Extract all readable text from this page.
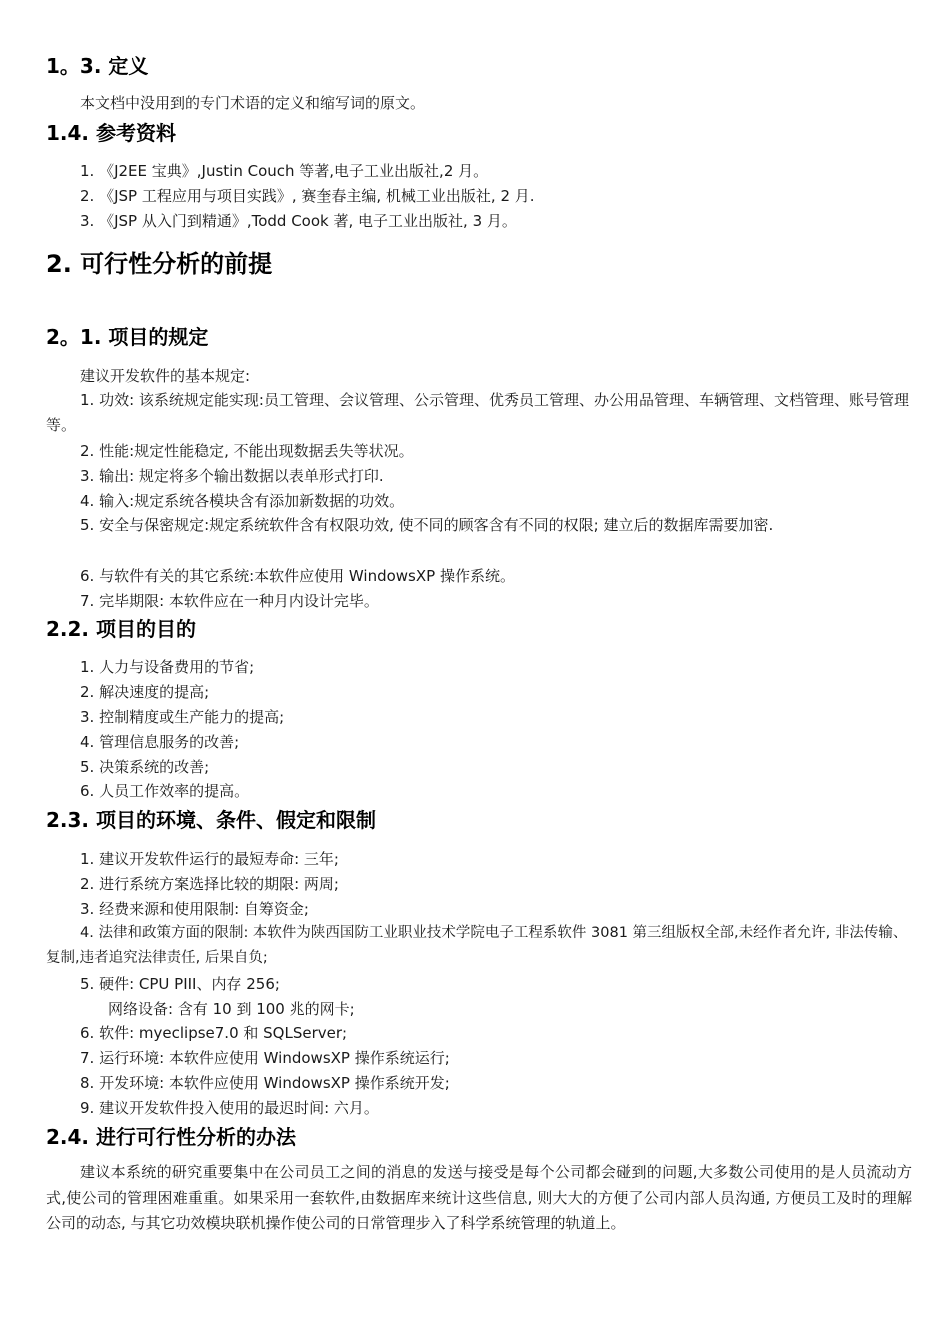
1。3. 定义
本文档中没用到的专门术语的定义和缩写词的原文。
1.4. 参考资料
1. 《J2EE 宝典》,Justin Couch 等著,电子工业出版社,2 月。
2. 《JSP 工程应用与项目实践》, 赛奎春主编, 机械工业出版社, 2 月.
3. 《JSP 从入门到精通》,Todd Cook 著, 电子工业出版社, 3 月。
2. 可行性分析的前提
2。1. 项目的规定
建议开发软件的基本规定:
1. 功效: 该系统规定能实现:员工管理、会议管理、公示管理、优秀员工管理、办公用品管理、车辆管理、文档管理、账号管理等。
2. 性能:规定性能稳定, 不能出现数据丢失等状况。
3. 输出: 规定将多个输出数据以表单形式打印.
4. 输入:规定系统各模块含有添加新数据的功效。
5. 安全与保密规定:规定系统软件含有权限功效, 使不同的顾客含有不同的权限; 建立后的数据库需要加密.
6. 与软件有关的其它系统:本软件应使用 WindowsXP 操作系统。
7. 完毕期限: 本软件应在一种月内设计完毕。
2.2. 项目的目的
1. 人力与设备费用的节省;
2. 解决速度的提高;
3. 控制精度或生产能力的提高;
4. 管理信息服务的改善;
5. 决策系统的改善;
6. 人员工作效率的提高。
2.3. 项目的环境、条件、假定和限制
1. 建议开发软件运行的最短寿命: 三年;
2. 进行系统方案选择比较的期限: 两周;
3. 经费来源和使用限制: 自筹资金;
4. 法律和政策方面的限制: 本软件为陕西国防工业职业技术学院电子工程系软件 3081 第三组版权全部,未经作者允许, 非法传输、复制,违者追究法律责任, 后果自负;
5. 硬件: CPU PIII、内存 256;
网络设备: 含有 10 到 100 兆的网卡;
6. 软件: myeclipse7.0 和 SQLServer;
7. 运行环境: 本软件应使用 WindowsXP 操作系统运行;
8. 开发环境: 本软件应使用 WindowsXP 操作系统开发;
9. 建议开发软件投入使用的最迟时间: 六月。
2.4. 进行可行性分析的办法
建议本系统的研究重要集中在公司员工之间的消息的发送与接受是每个公司都会碰到的问题,大多数公司使用的是人员流动方式,使公司的管理困难重重。如果采用一套软件,由数据库来统计这些信息, 则大大的方便了公司内部人员沟通, 方便员工及时的理解公司的动态, 与其它功效模块联机操作使公司的日常管理步入了科学系统管理的轨道上。
